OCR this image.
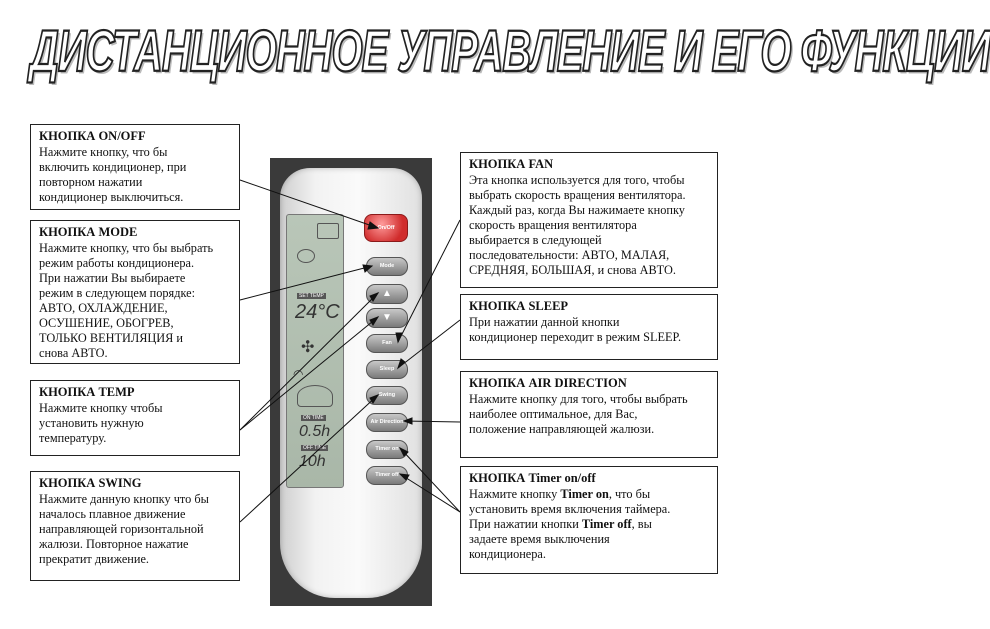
ДИСТАНЦИОННОЕ УПРАВЛЕНИЕ И ЕГО ФУНКЦИИ
SET TEMP
24°C
✣
◠
ON TIME
0.5h
OFF TIME
10h
On/Off
Mode
▲
▼
Fan
Sleep
Swing
Air Direction
Timer on
Timer off
КНОПКА ON/OFF
Нажмите кнопку, что бы
включить кондиционер, при
повторном нажатии
кондиционер выключиться.
КНОПКА MODE
Нажмите кнопку, что бы выбрать
режим работы кондиционера.
При нажатии Вы выбираете
режим в следующем порядке:
АВТО, ОХЛАЖДЕНИЕ,
ОСУШЕНИЕ, ОБОГРЕВ,
ТОЛЬКО ВЕНТИЛЯЦИЯ и
снова АВТО.
КНОПКА TEMP
Нажмите кнопку чтобы
установить нужную
температуру.
КНОПКА SWING
Нажмите данную кнопку что бы
началось плавное движение
направляющей горизонтальной
жалюзи. Повторное нажатие
прекратит движение.
КНОПКА FAN
Эта кнопка используется для того, чтобы
выбрать скорость вращения вентилятора.
Каждый раз, когда Вы нажимаете кнопку
скорость вращения вентилятора
выбирается в следующей
последовательности: АВТО, МАЛАЯ,
СРЕДНЯЯ, БОЛЬШАЯ, и снова АВТО.
КНОПКА SLEEP
При нажатии данной кнопки
кондиционер переходит в режим SLEEP.
КНОПКА AIR DIRECTION
Нажмите кнопку для того, чтобы выбрать
наиболее оптимальное, для Вас,
положение направляющей жалюзи.
КНОПКА Timer on/off
Нажмите кнопку Timer on, что бы
установить время включения таймера.
При нажатии кнопки Timer off, вы
задаете время выключения
кондиционера.
